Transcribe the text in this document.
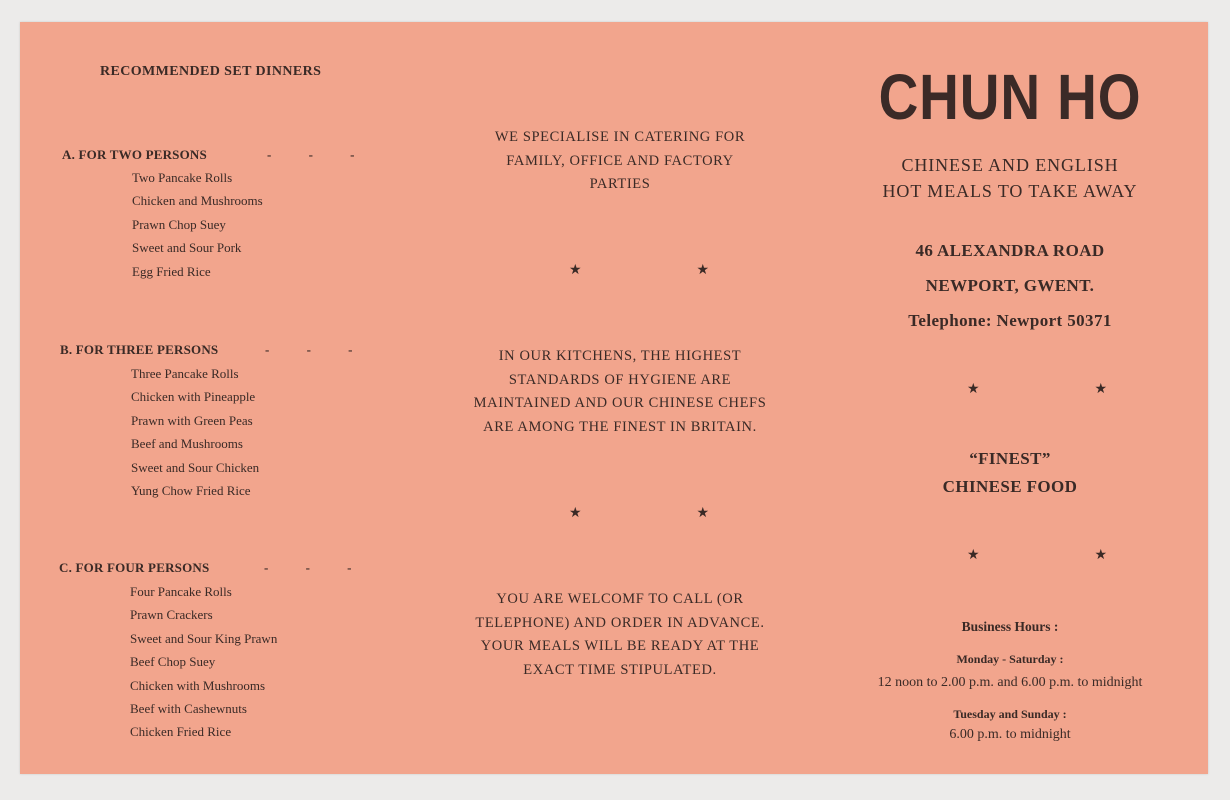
RECOMMENDED SET DINNERS
A. FOR TWO PERSONS	- - -
Two Pancake Rolls
Chicken and Mushrooms
Prawn Chop Suey
Sweet and Sour Pork
Egg Fried Rice
B. FOR THREE PERSONS	- - -
Three Pancake Rolls
Chicken with Pineapple
Prawn with Green Peas
Beef and Mushrooms
Sweet and Sour Chicken
Yung Chow Fried Rice
C. FOR FOUR PERSONS	- - -
Four Pancake Rolls
Prawn Crackers
Sweet and Sour King Prawn
Beef Chop Suey
Chicken with Mushrooms
Beef with Cashewnuts
Chicken Fried Rice
WE SPECIALISE IN CATERING FOR
FAMILY, OFFICE AND FACTORY
PARTIES
★	★
IN OUR KITCHENS, THE HIGHEST
STANDARDS OF HYGIENE ARE
MAINTAINED AND OUR CHINESE CHEFS
ARE AMONG THE FINEST IN BRITAIN.
★	★
YOU ARE WELCOMF TO CALL (OR
TELEPHONE) AND ORDER IN ADVANCE.
YOUR MEALS WILL BE READY AT THE
EXACT TIME STIPULATED.
CHUN HO
CHINESE AND ENGLISH
HOT MEALS TO TAKE AWAY
46 ALEXANDRA ROAD
NEWPORT, GWENT.
Telephone: Newport 50371
★	★
“FINEST”
CHINESE FOOD
★	★
Business Hours :
Monday - Saturday :
12 noon to 2.00 p.m. and 6.00 p.m. to midnight
Tuesday and Sunday :
6.00 p.m. to midnight
